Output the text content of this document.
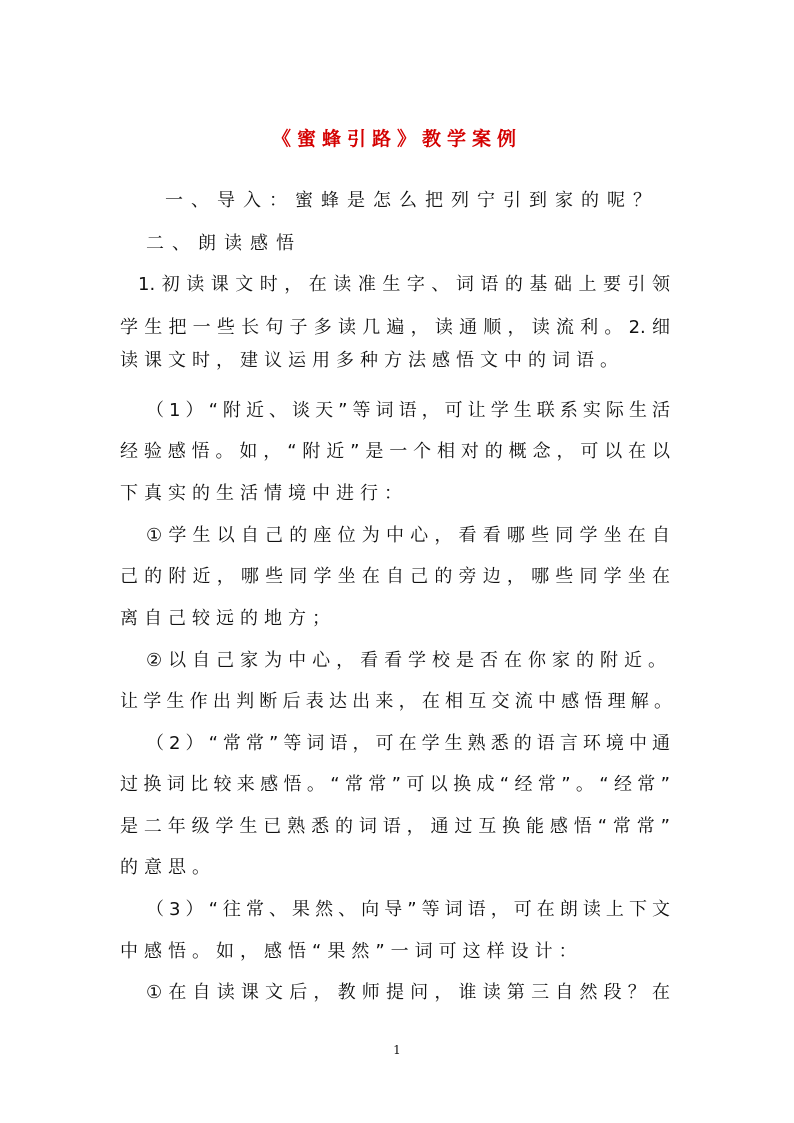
《蜜蜂引路》教学案例
一、导入：蜜蜂是怎么把列宁引到家的呢？
二、朗读感悟
1.初读课文时，在读准生字、词语的基础上要引领
学生把一些长句子多读几遍，读通顺，读流利。2.细
读课文时，建议运用多种方法感悟文中的词语。
（1）“附近、谈天”等词语，可让学生联系实际生活
经验感悟。如，“附近”是一个相对的概念，可以在以
下真实的生活情境中进行：
①学生以自己的座位为中心，看看哪些同学坐在自
己的附近，哪些同学坐在自己的旁边，哪些同学坐在
离自己较远的地方；
②以自己家为中心，看看学校是否在你家的附近。
让学生作出判断后表达出来，在相互交流中感悟理解。
（2）“常常”等词语，可在学生熟悉的语言环境中通
过换词比较来感悟。“常常”可以换成“经常”。“经常”
是二年级学生已熟悉的词语，通过互换能感悟“常常”
的意思。
（3）“往常、果然、向导”等词语，可在朗读上下文
中感悟。如，感悟“果然”一词可这样设计：
①在自读课文后，教师提问，谁读第三自然段？在
1
